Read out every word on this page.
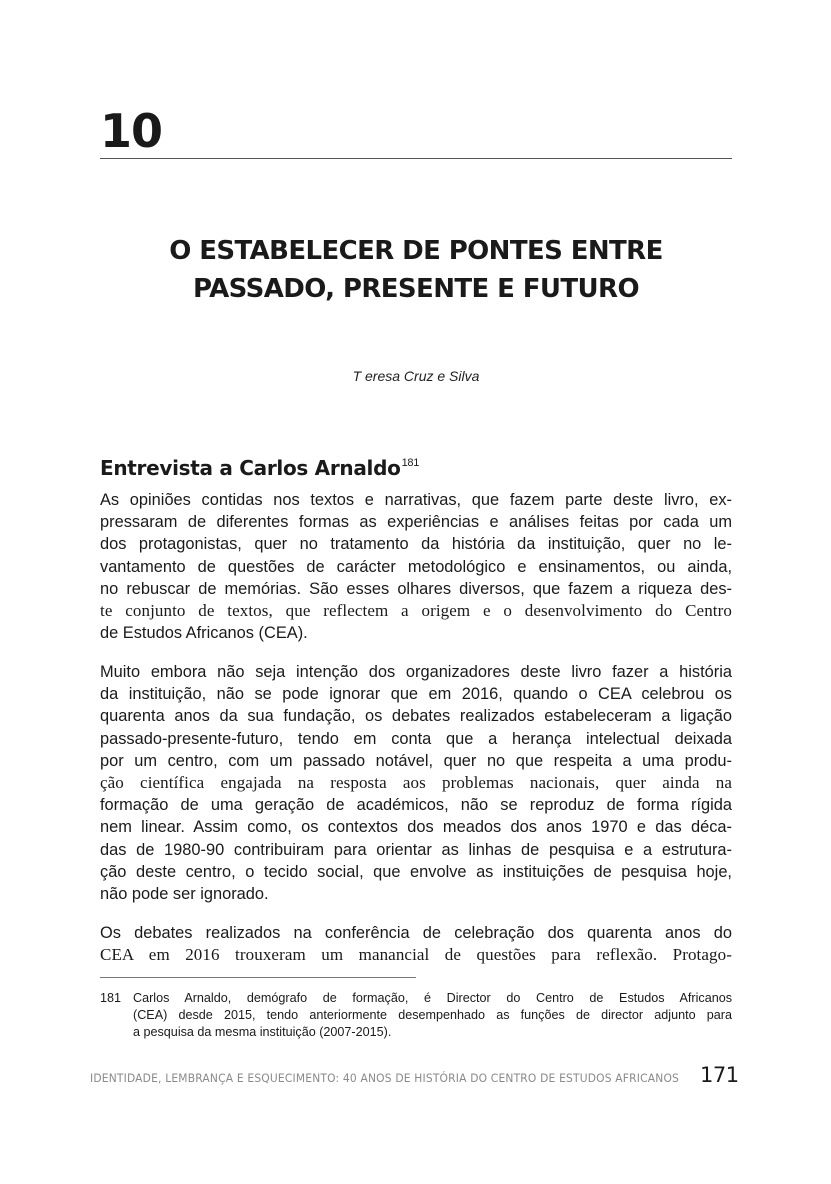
10
O ESTABELECER DE PONTES ENTRE
PASSADO, PRESENTE E FUTURO
T eresa Cruz e Silva
Entrevista a Carlos Arnaldo$^{181}$
As opiniões contidas nos textos e narrativas, que fazem parte deste livro, ex-
pressaram de diferentes formas as experiências e análises feitas por cada um
dos protagonistas, quer no tratamento da história da instituição, quer no le-
vantamento de questões de carácter metodológico e ensinamentos, ou ainda,
no rebuscar de memórias. São esses olhares diversos, que fazem a riqueza des-
te conjunto de textos, que reflectem a origem e o desenvolvimento do Centro
de Estudos Africanos (CEA).
Muito embora não seja intenção dos organizadores deste livro fazer a história
da instituição, não se pode ignorar que em 2016, quando o CEA celebrou os
quarenta anos da sua fundação, os debates realizados estabeleceram a ligação
passado-presente-futuro, tendo em conta que a herança intelectual deixada
por um centro, com um passado notável, quer no que respeita a uma produ-
ção científica engajada na resposta aos problemas nacionais, quer ainda na
formação de uma geração de académicos, não se reproduz de forma rígida
nem linear. Assim como, os contextos dos meados dos anos 1970 e das déca-
das de 1980-90 contribuiram para orientar as linhas de pesquisa e a estrutura-
ção deste centro, o tecido social, que envolve as instituições de pesquisa hoje,
não pode ser ignorado.
Os debates realizados na conferência de celebração dos quarenta anos do
CEA em 2016 trouxeram um manancial de questões para reflexão. Protago-
181 Carlos Arnaldo, demógrafo de formação, é Director do Centro de Estudos Africanos
(CEA) desde 2015, tendo anteriormente desempenhado as funções de director adjunto para
a pesquisa da mesma instituição (2007-2015).
IDENTIDADE, LEMBRANÇA E ESQUECIMENTO: 40 ANOS DE HISTÓRIA DO CENTRO DE ESTUDOS AFRICANOS 171
